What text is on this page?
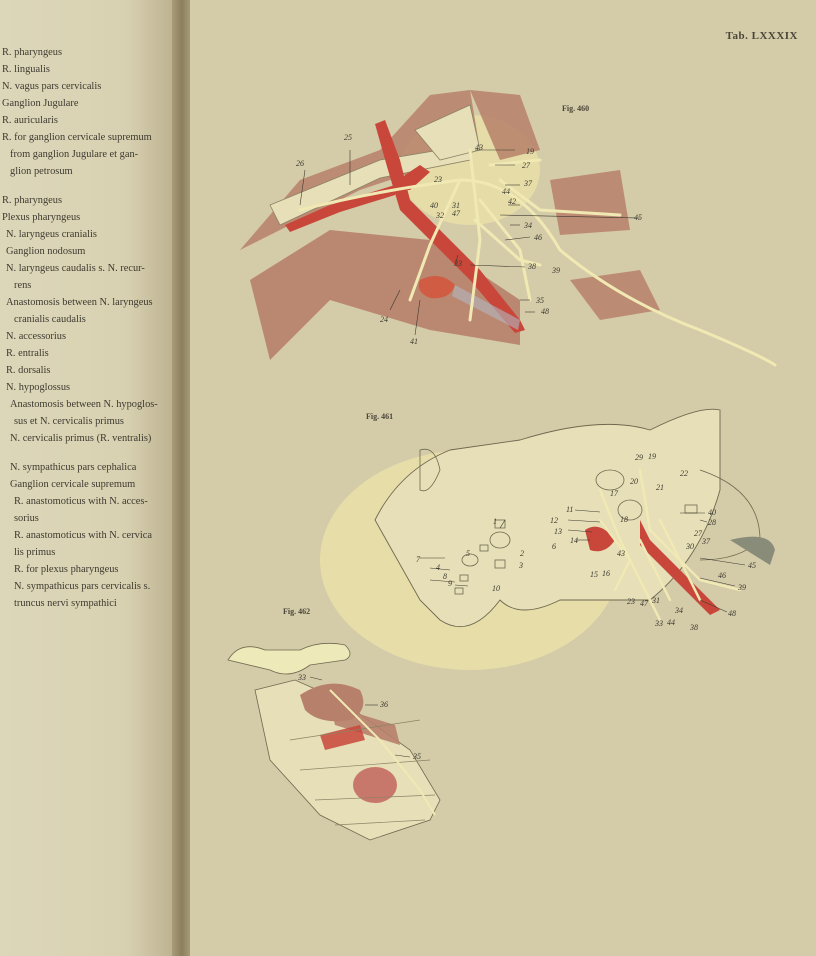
R. pharyngeus
R. lingualis
N. vagus pars cervicalis
Ganglion Jugulare
R. auricularis
R. for ganglion cervicale supremum
from ganglion Jugulare et gan-
glion petrosum
R. pharyngeus
Plexus pharyngeus
N. laryngeus cranialis
Ganglion nodosum
N. laryngeus caudalis s. N. recur-
rens
Anastomosis between N. laryngeus
cranialis caudalis
N. accessorius
R. entralis
R. dorsalis
N. hypoglossus
Anastomosis between N. hypoglos-
sus et N. cervicalis primus
N. cervicalis primus (R. ventralis)
N. sympathicus pars cephalica
Ganglion cervicale supremum
R. anastomoticus with N. acces-
sorius
R. anastomoticus with N. cervica
lis primus
R. for plexus pharyngeus
N. sympathicus pars cervicalis s.
truncus nervi sympathici
Tab. LXXXIX
Fig. 460
Fig. 461
Fig. 462
25
26
43	19
23
27
37
44
40 31	42
47
32	45
34
46
33	38 39
35
48
24
41
29 19
22
17
20
21
1
11
12	18
40
28
13
14
27
37
30
5	2
6
3
7
4
43
45
8	16
15	46
39
9
10
23 47 31
34	48
33 44
38
33
36
35
